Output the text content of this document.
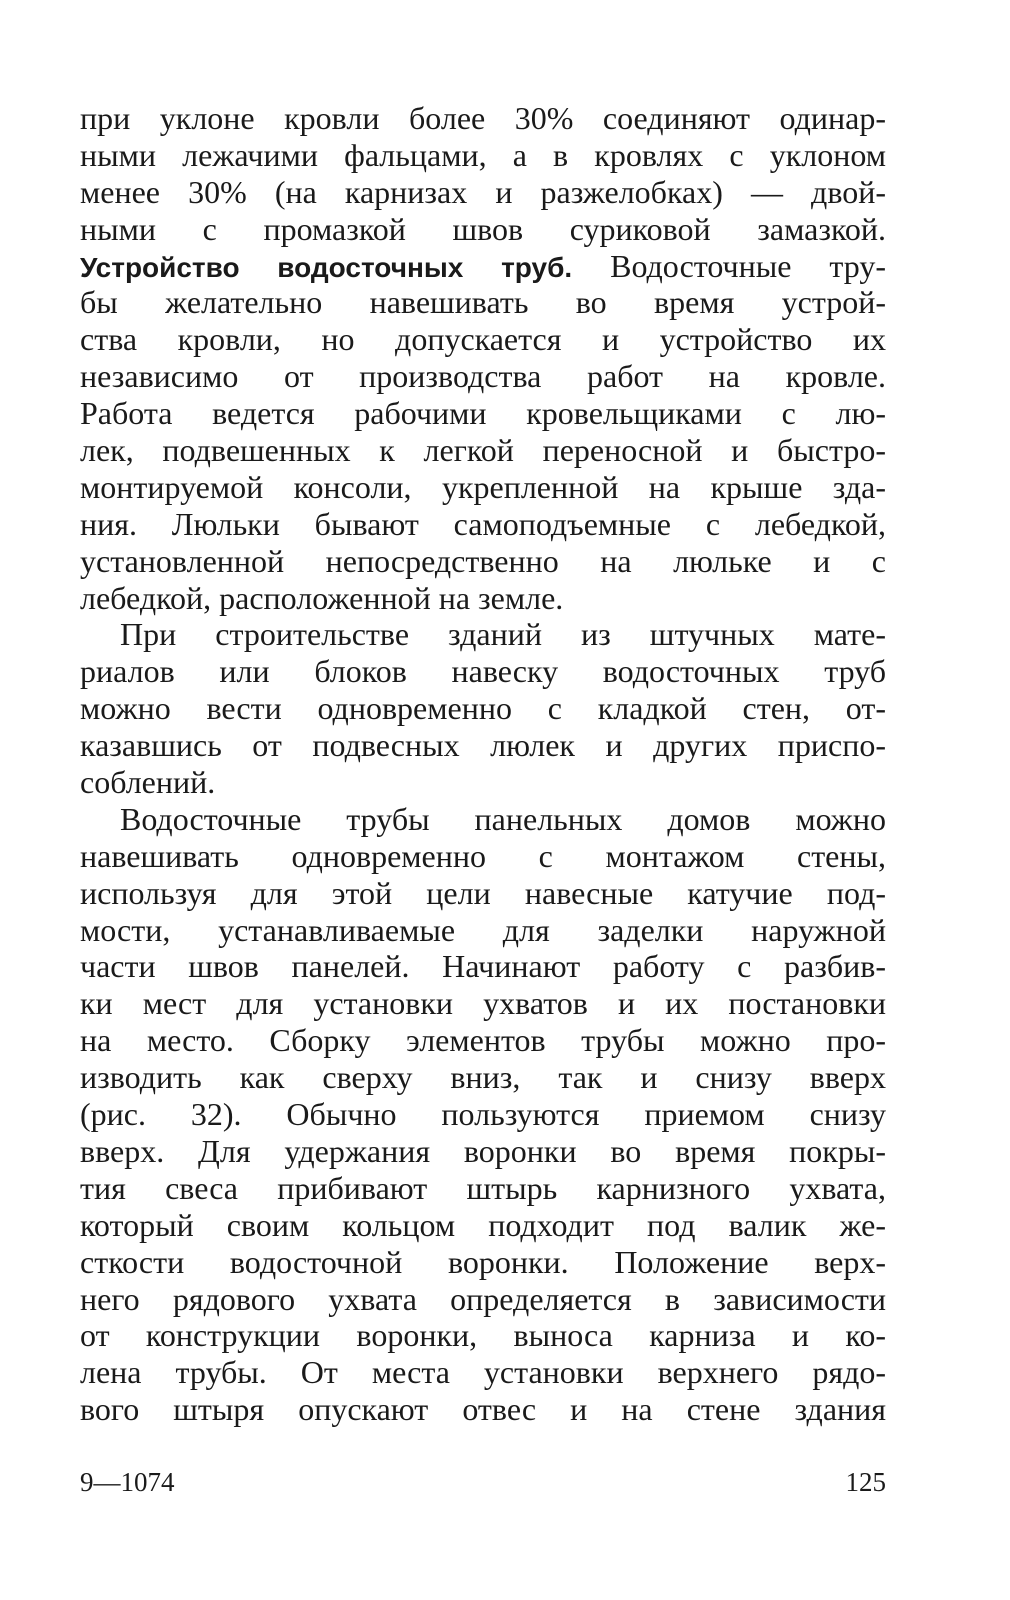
при уклоне кровли более 30% соединяют одинар-
ными лежачими фальцами, а в кровлях с уклоном
менее 30% (на карнизах и разжелобках) — двой-
ными с промазкой швов суриковой замазкой.
Устройство водосточных труб. Водосточные тру-
бы желательно навешивать во время устрой-
ства кровли, но допускается и устройство их
независимо от производства работ на кровле.
Работа ведется рабочими кровельщиками с лю-
лек, подвешенных к легкой переносной и быстро-
монтируемой консоли, укрепленной на крыше зда-
ния. Люльки бывают самоподъемные с лебедкой,
установленной непосредственно на люльке и с
лебедкой, расположенной на земле.
При строительстве зданий из штучных мате-
риалов или блоков навеску водосточных труб
можно вести одновременно с кладкой стен, от-
казавшись от подвесных люлек и других приспо-
соблений.
Водосточные трубы панельных домов можно
навешивать одновременно с монтажом стены,
используя для этой цели навесные катучие под-
мости, устанавливаемые для заделки наружной
части швов панелей. Начинают работу с разбив-
ки мест для установки ухватов и их постановки
на место. Сборку элементов трубы можно про-
изводить как сверху вниз, так и снизу вверх
(рис. 32). Обычно пользуются приемом снизу
вверх. Для удержания воронки во время покры-
тия свеса прибивают штырь карнизного ухвата,
который своим кольцом подходит под валик же-
сткости водосточной воронки. Положение верх-
него рядового ухвата определяется в зависимости
от конструкции воронки, выноса карниза и ко-
лена трубы. От места установки верхнего рядо-
вого штыря опускают отвес и на стене здания
9—1074	125
